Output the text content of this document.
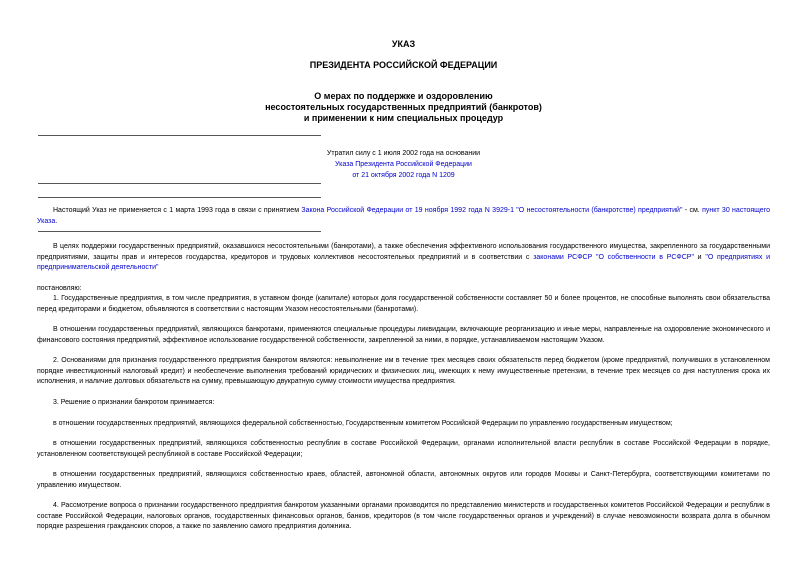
УКАЗ
ПРЕЗИДЕНТА РОССИЙСКОЙ ФЕДЕРАЦИИ
О мерах по поддержке и оздоровлению
несостоятельных государственных предприятий (банкротов)
и применении к ним специальных процедур
Утратил силу с 1 июля 2002 года на основании
Указа Президента Российской Федерации
от 21 октября 2002 года N 1209
Настоящий Указ не применяется с 1 марта 1993 года в связи с принятием Закона Российской Федерации от 19 ноября 1992 года N 3929-1 "О несостоятельности (банкротстве) предприятий" - см. пункт 30 настоящего Указа.
В целях поддержки государственных предприятий, оказавшихся несостоятельными (банкротами), а также обеспечения эффективного использования государственного имущества, закрепленного за государственными предприятиями, защиты прав и интересов государства, кредиторов и трудовых коллективов несостоятельных предприятий и в соответствии с законами РСФСР "О собственности в РСФСР" и "О предприятиях и предпринимательской деятельности"
постановляю:
1. Государственные предприятия, в том числе предприятия, в уставном фонде (капитале) которых доля государственной собственности составляет 50 и более процентов, не способные выполнять свои обязательства перед кредиторами и бюджетом, объявляются в соответствии с настоящим Указом несостоятельными (банкротами).
В отношении государственных предприятий, являющихся банкротами, применяются специальные процедуры ликвидации, включающие реорганизацию и иные меры, направленные на оздоровление экономического и финансового состояния предприятий, эффективное использование государственной собственности, закрепленной за ними, в порядке, устанавливаемом настоящим Указом.
2. Основаниями для признания государственного предприятия банкротом являются: невыполнение им в течение трех месяцев своих обязательств перед бюджетом (кроме предприятий, получивших в установленном порядке инвестиционный налоговый кредит) и необеспечение выполнения требований юридических и физических лиц, имеющих к нему имущественные претензии, в течение трех месяцев со дня наступления срока их исполнения, и наличие долговых обязательств на сумму, превышающую двукратную сумму стоимости имущества предприятия.
3. Решение о признании банкротом принимается:
в отношении государственных предприятий, являющихся федеральной собственностью, Государственным комитетом Российской Федерации по управлению государственным имуществом;
в отношении государственных предприятий, являющихся собственностью республик в составе Российской Федерации, органами исполнительной власти республик в составе Российской Федерации в порядке, установленном соответствующей республикой в составе Российской Федерации;
в отношении государственных предприятий, являющихся собственностью краев, областей, автономной области, автономных округов или городов Москвы и Санкт-Петербурга, соответствующими комитетами по управлению имуществом.
4. Рассмотрение вопроса о признании государственного предприятия банкротом указанными органами производится по представлению министерств и государственных комитетов Российской Федерации и республик в составе Российской Федерации, налоговых органов, государственных финансовых органов, банков, кредиторов (в том числе государственных органов и учреждений) в случае невозможности возврата долга в обычном порядке разрешения гражданских споров, а также по заявлению самого предприятия должника.
